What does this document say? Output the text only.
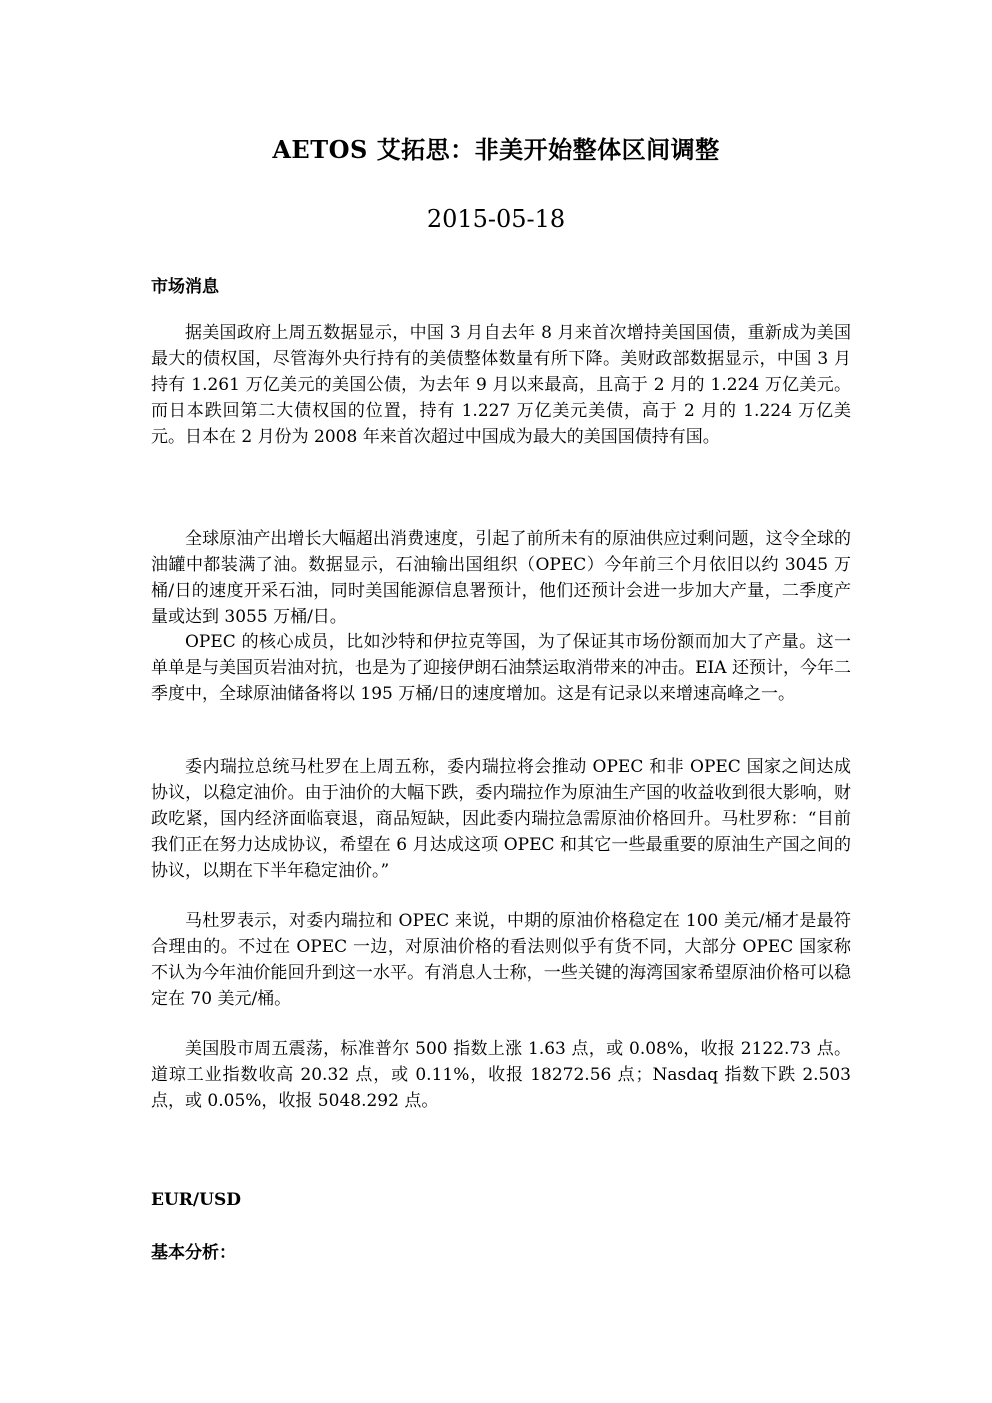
AETOS 艾拓思：非美开始整体区间调整
2015-05-18
市场消息

据美国政府上周五数据显示，中国 3 月自去年 8 月来首次增持美国国债，重新成为美国最大的债权国，尽管海外央行持有的美债整体数量有所下降。美财政部数据显示，中国 3 月持有 1.261 万亿美元的美国公债，为去年 9 月以来最高，且高于 2 月的 1.224 万亿美元。而日本跌回第二大债权国的位置，持有 1.227 万亿美元美债，高于 2 月的 1.224 万亿美元。日本在 2 月份为 2008 年来首次超过中国成为最大的美国国债持有国。

全球原油产出增长大幅超出消费速度，引起了前所未有的原油供应过剩问题，这令全球的油罐中都装满了油。数据显示，石油输出国组织（OPEC）今年前三个月依旧以约 3045 万桶/日的速度开采石油，同时美国能源信息署预计，他们还预计会进一步加大产量，二季度产量或达到 3055 万桶/日。

OPEC 的核心成员，比如沙特和伊拉克等国，为了保证其市场份额而加大了产量。这一单单是与美国页岩油对抗，也是为了迎接伊朗石油禁运取消带来的冲击。EIA 还预计，今年二季度中，全球原油储备将以 195 万桶/日的速度增加。这是有记录以来增速高峰之一。

委内瑞拉总统马杜罗在上周五称，委内瑞拉将会推动 OPEC 和非 OPEC 国家之间达成协议，以稳定油价。由于油价的大幅下跌，委内瑞拉作为原油生产国的收益收到很大影响，财政吃紧，国内经济面临衰退，商品短缺，因此委内瑞拉急需原油价格回升。马杜罗称：“目前我们正在努力达成协议，希望在 6 月达成这项 OPEC 和其它一些最重要的原油生产国之间的协议，以期在下半年稳定油价。”

马杜罗表示，对委内瑞拉和 OPEC 来说，中期的原油价格稳定在 100 美元/桶才是最符合理由的。不过在 OPEC 一边，对原油价格的看法则似乎有货不同，大部分 OPEC 国家称不认为今年油价能回升到这一水平。有消息人士称，一些关键的海湾国家希望原油价格可以稳定在 70 美元/桶。

美国股市周五震荡，标准普尔 500 指数上涨 1.63 点，或 0.08%，收报 2122.73 点。道琼工业指数收高 20.32 点，或 0.11%，收报 18272.56 点；Nasdaq 指数下跌 2.503 点，或 0.05%，收报 5048.292 点。

EUR/USD
基本分析：
